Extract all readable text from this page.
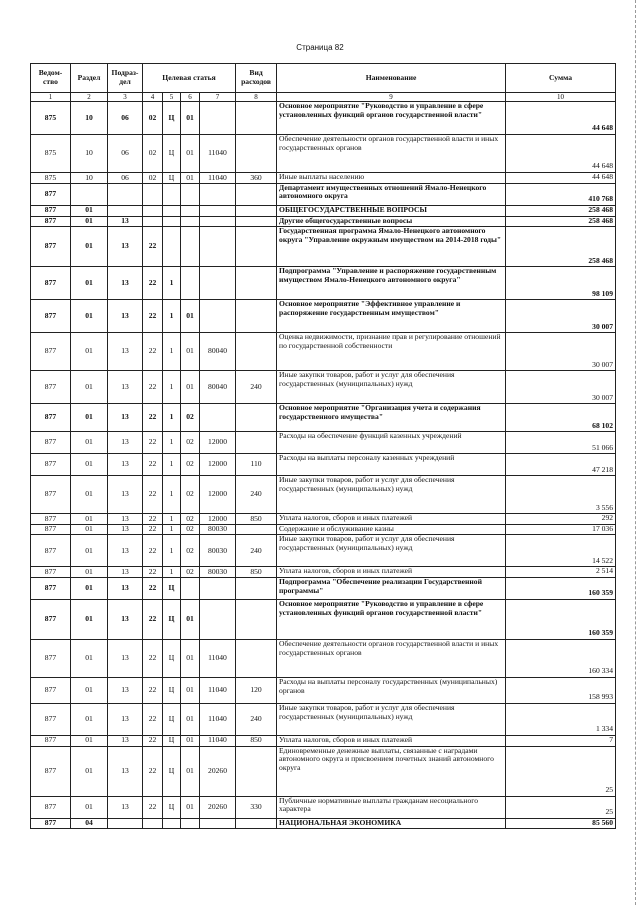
Страница 82
Ведом-ство	Раздел	Подраз-дел	Целевая статья				Вид расходов	Наименование	Сумма
1	2	3	4	5	6	7	8	9	10
875	10	06	02	Ц	01			Основное мероприятие "Руководство и управление в сфере установленных функций органов государственной власти"	44 648
875	10	06	02	Ц	01	11040		Обеспечение деятельности органов государственной власти и иных государственных органов	44 648
875	10	06	02	Ц	01	11040	360	Иные выплаты населению	44 648
877								Департамент имущественных отношений Ямало-Ненецкого автономного округа	410 768
877	01							ОБЩЕГОСУДАРСТВЕННЫЕ ВОПРОСЫ	258 468
877	01	13						Другие общегосударственные вопросы	258 468
877	01	13	22					Государственная программа Ямало-Ненецкого автономного округа "Управление окружным имуществом на 2014-2018 годы"	258 468
877	01	13	22	1				Подпрограмма "Управление и распоряжение государственным имуществом Ямало-Ненецкого автономного округа"	98 109
877	01	13	22	1	01			Основное мероприятие "Эффективное управление и распоряжение государственным имуществом"	30 007
877	01	13	22	1	01	80040		Оценка недвижимости, признание прав и регулирование отношений по государственной собственности	30 007
877	01	13	22	1	01	80040	240	Иные закупки товаров, работ и услуг для обеспечения государственных (муниципальных) нужд	30 007
877	01	13	22	1	02			Основное мероприятие "Организация учета и содержания государственного имущества"	68 102
877	01	13	22	1	02	12000		Расходы на обеспечение функций казенных учреждений	51 066
877	01	13	22	1	02	12000	110	Расходы на выплаты персоналу казенных учреждений	47 218
877	01	13	22	1	02	12000	240	Иные закупки товаров, работ и услуг для обеспечения государственных (муниципальных) нужд	3 556
877	01	13	22	1	02	12000	850	Уплата налогов, сборов и иных платежей	292
877	01	13	22	1	02	80030		Содержание и обслуживание казны	17 036
877	01	13	22	1	02	80030	240	Иные закупки товаров, работ и услуг для обеспечения государственных (муниципальных) нужд	14 522
877	01	13	22	1	02	80030	850	Уплата налогов, сборов и иных платежей	2 514
877	01	13	22	Ц				Подпрограмма "Обеспечение реализации Государственной программы"	160 359
877	01	13	22	Ц	01			Основное мероприятие "Руководство и управление в сфере установленных функций органов государственной власти"	160 359
877	01	13	22	Ц	01	11040		Обеспечение деятельности органов государственной власти и иных государственных органов	160 334
877	01	13	22	Ц	01	11040	120	Расходы на выплаты персоналу государственных (муниципальных) органов	158 993
877	01	13	22	Ц	01	11040	240	Иные закупки товаров, работ и услуг для обеспечения государственных (муниципальных) нужд	1 334
877	01	13	22	Ц	01	11040	850	Уплата налогов, сборов и иных платежей	7
877	01	13	22	Ц	01	20260		Единовременные денежные выплаты, связанные с наградами автономного округа и присвоением почетных знаний автономного округа	25
877	01	13	22	Ц	01	20260	330	Публичные нормативные выплаты гражданам несоциального характера	25
877	04							НАЦИОНАЛЬНАЯ ЭКОНОМИКА	85 560
